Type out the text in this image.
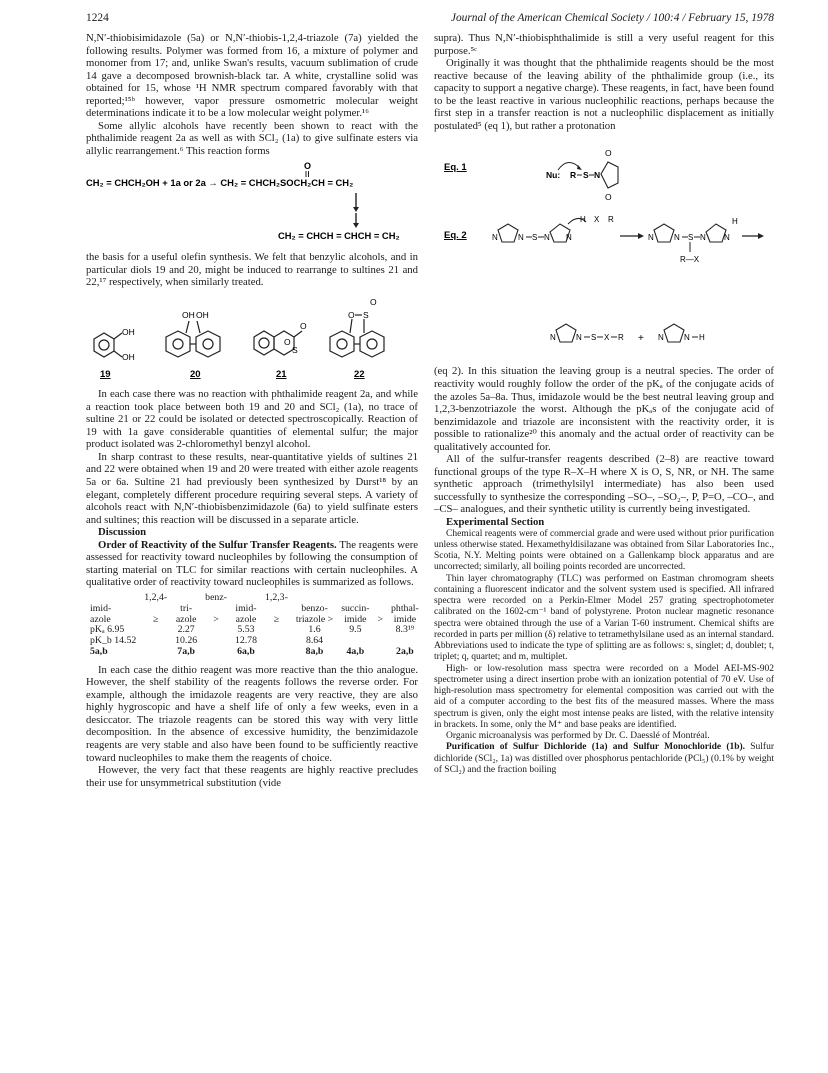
1224	Journal of the American Chemical Society / 100:4 / February 15, 1978

N,N′-thiobisimidazole (5a) or N,N′-thiobis-1,2,4-triazole (7a) yielded the following results. Polymer was formed from 16, a mixture of polymer and monomer from 17; and, unlike Swan's results, vacuum sublimation of crude 14 gave a decomposed brownish-black tar. A white, crystalline solid was obtained for 15, whose ¹H NMR spectrum compared favorably with that reported;¹⁵ᵇ however, vapor pressure osmometric molecular weight determinations indicate it to be a low molecular weight polymer.¹⁶

Some allylic alcohols have recently been shown to react with the phthalimide reagent 2a as well as with SCl₂ (1a) to give sulfinate esters via allylic rearrangement.⁶ This reaction forms

O
CH₂ = CHCH₂OH + 1a or 2a → CH₂ = CHCH₂SOCH₂CH = CH₂
CH₂ = CHCH = CHCH = CH₂

the basis for a useful olefin synthesis. We felt that benzylic alcohols, and in particular diols 19 and 20, might be induced to rearrange to sultines 21 and 22,¹⁷ respectively, when similarly treated.

OH
OH
OH OH
O
S
O
O S
O
19	20	21	22

In each case there was no reaction with phthalimide reagent 2a, and while a reaction took place between both 19 and 20 and SCl₂ (1a), no trace of sultine 21 or 22 could be isolated or detected spectroscopically. Reaction of 19 with 1a gave considerable quantities of elemental sulfur; the major product isolated was 2-chloromethyl benzyl alcohol.

In sharp contrast to these results, near-quantitative yields of sultines 21 and 22 were obtained when 19 and 20 were treated with either azole reagents 5a or 6a. Sultine 21 had previously been synthesized by Durst¹⁸ by an elegant, completely different procedure requiring several steps. A variety of alcohols react with N,N′-thiobisbenzimidazole (6a) to yield sulfinate esters and sultines; this reaction will be discussed in a separate article.

Discussion

Order of Reactivity of the Sulfur Transfer Reagents. The reagents were assessed for reactivity toward nucleophiles by following the consumption of starting material on TLC for similar reactions with certain nucleophiles. A qualitative order of reactivity toward nucleophiles is summarized as follows.

	1,2,4-		benz-		1,2,3-				
imid-		tri-		imid-		benzo-	succin-		phthal-
azole	≥	azole	>	azole	≥	triazole >	imide	>	imide
pKₐ 6.95		2.27		5.53		1.6	9.5		8.3¹⁹
pK_b 14.52		10.26		12.78		8.64			
5a,b		7a,b		6a,b		8a,b	4a,b		2a,b

In each case the dithio reagent was more reactive than the thio analogue. However, the shelf stability of the reagents follows the reverse order. For example, although the imidazole reagents are very reactive, they are also highly hygroscopic and have a shelf life of only a few weeks, even in a desiccator. The triazole reagents can be stored this way with very little decomposition. In the absence of excessive humidity, the benzimidazole reagents are very stable and also have been found to be sufficiently reactive toward nucleophiles to make them the reagents of choice.

However, the very fact that these reagents are highly reactive precludes their use for unsymmetrical substitution (vide

supra). Thus N,N′-thiobisphthalimide is still a very useful reagent for this purpose.⁵ᶜ

Originally it was thought that the phthalimide reagents should be the most reactive because of the leaving ability of the phthalimide group (i.e., its capacity to support a negative charge). These reagents, in fact, have been found to be the least reactive in various nucleophilic reactions, perhaps because the first step in a transfer reaction is not a nucleophilic displacement as initially postulated⁵ (eq 1), but rather a protonation

Eq. 1
Nu: R S N
O
O
Eq. 2	N	N S N N
H X R
N	N S N N
H
R—X
N	N S X R + N	N H

(eq 2). In this situation the leaving group is a neutral species. The order of reactivity would roughly follow the order of the pKₐ of the conjugate acids of the azoles 5a–8a. Thus, imidazole would be the best neutral leaving group and 1,2,3-benzotriazole the worst. Although the pKₐs of the conjugate acid of benzimidazole and triazole are inconsistent with the reactivity order, it is possible to rationalize²⁰ this anomaly and the actual order of reactivity can be qualitatively accounted for.

All of the sulfur-transfer reagents described (2–8) are reactive toward functional groups of the type R–X–H where X is O, S, NR, or NH. The same synthetic approach (trimethylsilyl intermediate) has also been used successfully to synthesize the corresponding –SO–, –SO₂–, P, P=O, –CO–, and –CS– analogues, and their synthetic utility is currently being investigated.

Experimental Section

Chemical reagents were of commercial grade and were used without prior purification unless otherwise stated. Hexamethyldisilazane was obtained from Silar Laboratories Inc., Scotia, N.Y. Melting points were obtained on a Gallenkamp block apparatus and are uncorrected; similarly, all boiling points recorded are uncorrected.

Thin layer chromatography (TLC) was performed on Eastman chromogram sheets containing a fluorescent indicator and the solvent system used is specified. All infrared spectra were recorded on a Perkin-Elmer Model 257 grating spectrophotometer calibrated on the 1602-cm⁻¹ band of polystyrene. Proton nuclear magnetic resonance spectra were obtained through the use of a Varian T-60 instrument. Chemical shifts are recorded in parts per million (δ) relative to tetramethylsilane used as an internal standard. Abbreviations used to indicate the type of splitting are as follows: s, singlet; d, doublet; t, triplet; q, quartet; and m, multiplet.

High- or low-resolution mass spectra were recorded on a Model AEI-MS-902 spectrometer using a direct insertion probe with an ionization potential of 70 eV. Use of high-resolution mass spectrometry for elemental composition was carried out with the aid of a computer according to the best fits of the measured masses. Where the mass spectrum is given, only the eight most intense peaks are listed, with the relative intensity in brackets. In some, only the M⁺ and base peaks are identified.

Organic microanalysis was performed by Dr. C. Daesslé of Montréal.

Purification of Sulfur Dichloride (1a) and Sulfur Monochloride (1b). Sulfur dichloride (SCl₂, 1a) was distilled over phosphorus pentachloride (PCl₅) (0.1% by weight of SCl₂) and the fraction boiling
